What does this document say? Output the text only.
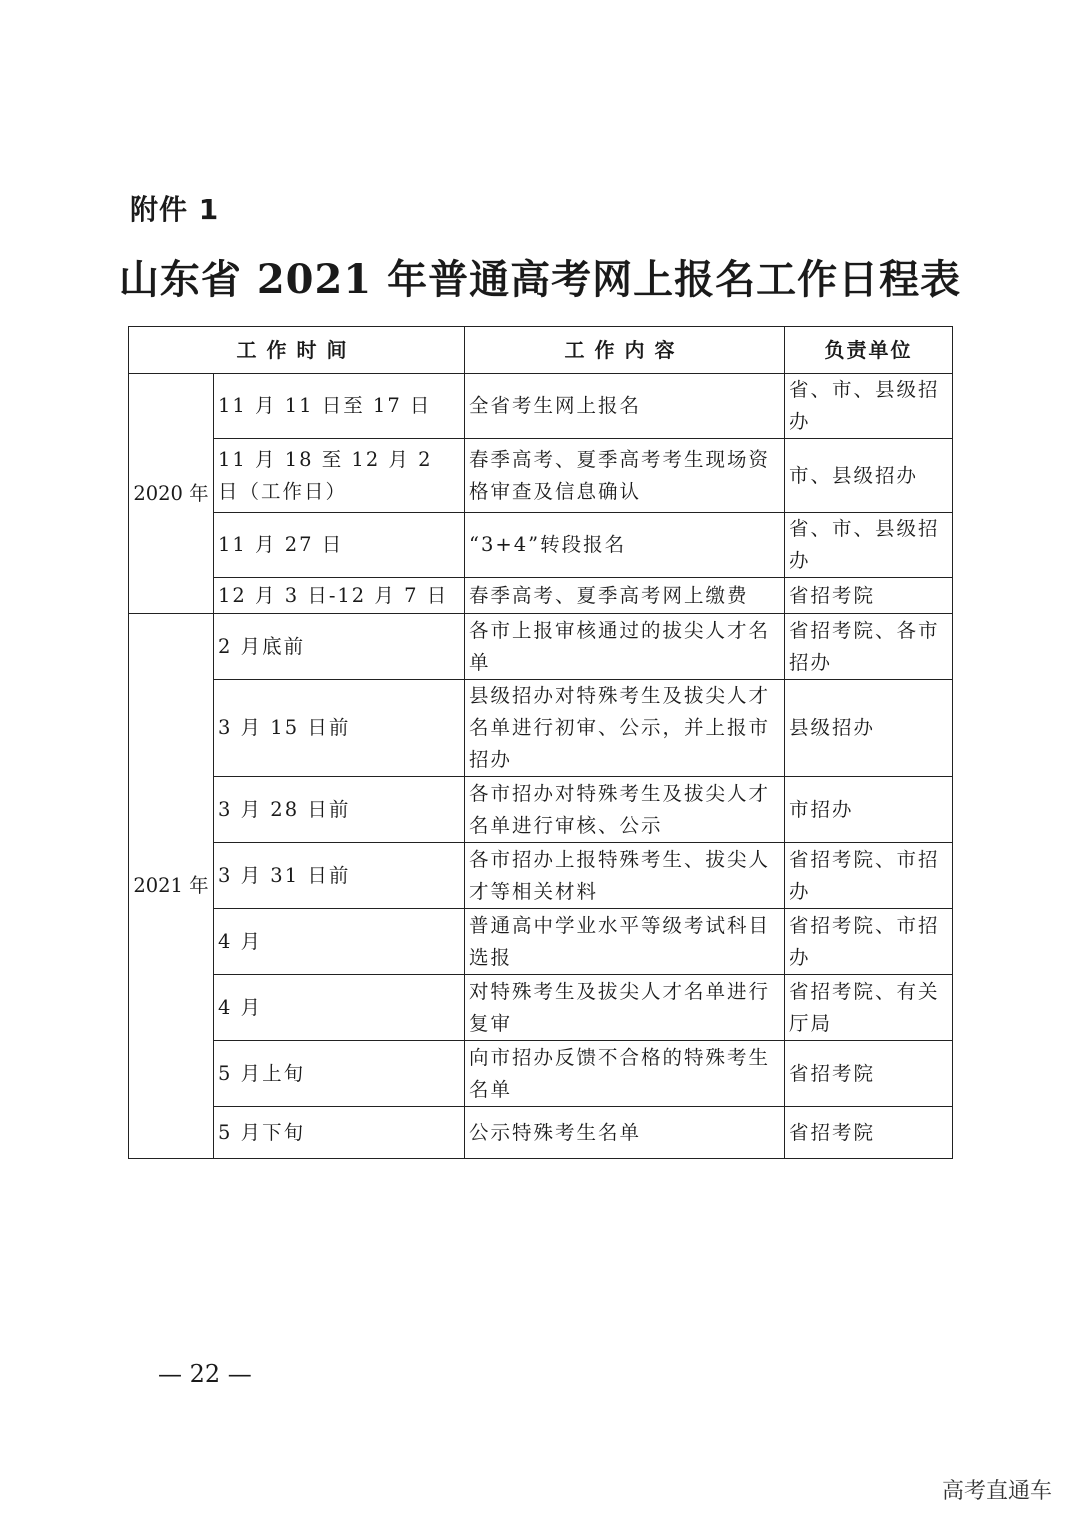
附件 1
山东省 2021 年普通高考网上报名工作日程表
工作时间		工作内容	负责单位
2020 年	11 月 11 日至 17 日	全省考生网上报名	省、市、县级招办
	11 月 18 至 12 月 2 日（工作日）	春季高考、夏季高考考生现场资格审查及信息确认	市、县级招办
	11 月 27 日	“3+4”转段报名	省、市、县级招办
	12 月 3 日-12 月 7 日	春季高考、夏季高考网上缴费	省招考院
2021 年	2 月底前	各市上报审核通过的拔尖人才名单	省招考院、各市招办
	3 月 15 日前	县级招办对特殊考生及拔尖人才名单进行初审、公示，并上报市招办	县级招办
	3 月 28 日前	各市招办对特殊考生及拔尖人才名单进行审核、公示	市招办
	3 月 31 日前	各市招办上报特殊考生、拔尖人才等相关材料	省招考院、市招办
	4 月	普通高中学业水平等级考试科目选报	省招考院、市招办
	4 月	对特殊考生及拔尖人才名单进行复审	省招考院、有关厅局
	5 月上旬	向市招办反馈不合格的特殊考生名单	省招考院
	5 月下旬	公示特殊考生名单	省招考院
— 22 —
高考直通车
